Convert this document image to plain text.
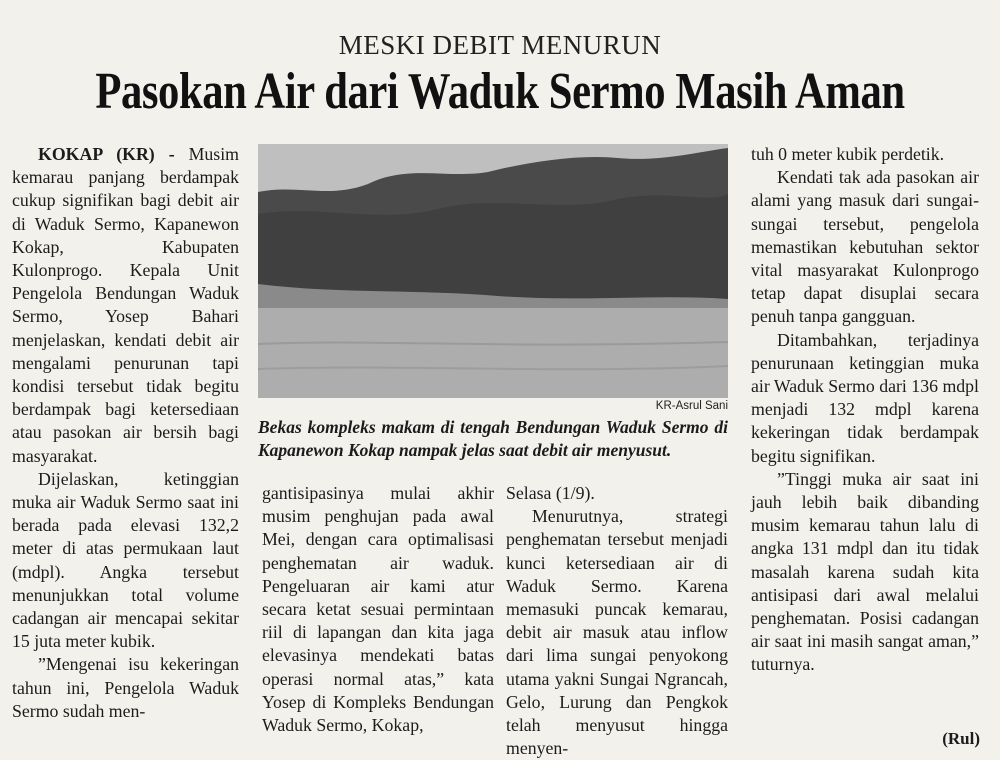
MESKI DEBIT MENURUN
Pasokan Air dari Waduk Sermo Masih Aman

KOKAP (KR) - Musim kemarau panjang berdampak cukup signifikan bagi debit air di Waduk Sermo, Kapanewon Kokap, Kabupaten Kulonprogo. Kepala Unit Pengelola Bendungan Waduk Sermo, Yosep Bahari menjelaskan, kendati debit air mengalami penurunan tapi kondisi tersebut tidak begitu berdampak bagi ketersediaan atau pasokan air bersih bagi masyarakat.

Dijelaskan, ketinggian muka air Waduk Sermo saat ini berada pada elevasi 132,2 meter di atas permukaan laut (mdpl). Angka tersebut menunjukkan total volume cadangan air mencapai sekitar 15 juta meter kubik.

”Mengenai isu kekeringan tahun ini, Pengelola Waduk Sermo sudah men-

KR-Asrul Sani
Bekas kompleks makam di tengah Bendungan Waduk Sermo di Kapanewon Kokap nampak jelas saat debit air menyusut.

gantisipasinya mulai akhir musim penghujan pada awal Mei, dengan cara optimalisasi penghematan air waduk. Pengeluaran air kami atur secara ketat sesuai permintaan riil di lapangan dan kita jaga elevasinya mendekati batas operasi normal atas,” kata Yosep di Kompleks Bendungan Waduk Sermo, Kokap,

Selasa (1/9).

Menurutnya, strategi penghematan tersebut menjadi kunci ketersediaan air di Waduk Sermo. Karena memasuki puncak kemarau, debit air masuk atau inflow dari lima sungai penyokong utama yakni Sungai Ngrancah, Gelo, Lurung dan Pengkok telah menyusut hingga menyen-

tuh 0 meter kubik perdetik.

Kendati tak ada pasokan air alami yang masuk dari sungai-sungai tersebut, pengelola memastikan kebutuhan sektor vital masyarakat Kulonprogo tetap dapat disuplai secara penuh tanpa gangguan.

Ditambahkan, terjadinya penurunaan ketinggian muka air Waduk Sermo dari 136 mdpl menjadi 132 mdpl karena kekeringan tidak berdampak begitu signifikan.

”Tinggi muka air saat ini jauh lebih baik dibanding musim kemarau tahun lalu di angka 131 mdpl dan itu tidak masalah karena sudah kita antisipasi dari awal melalui penghematan. Posisi cadangan air saat ini masih sangat aman,” tuturnya.

(Rul)
